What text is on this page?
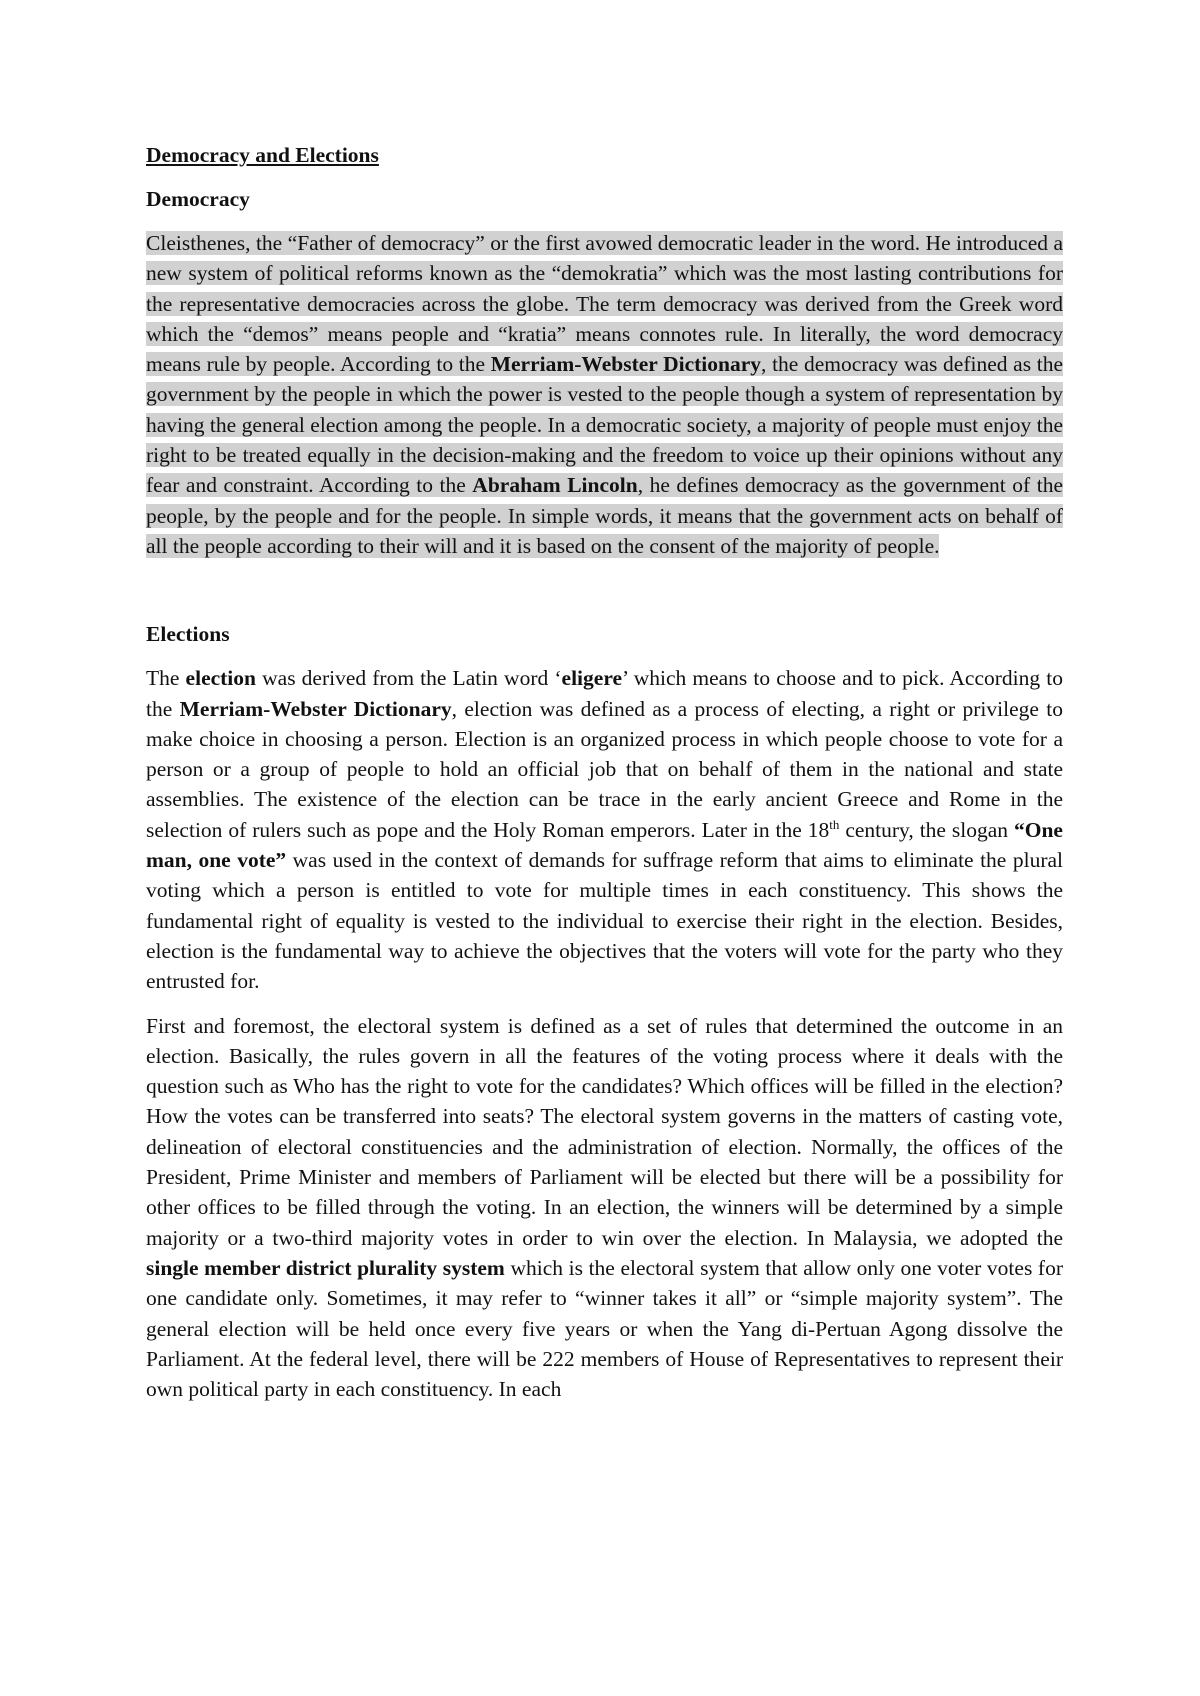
Democracy and Elections
Democracy

Cleisthenes, the “Father of democracy” or the first avowed democratic leader in the word. He introduced a new system of political reforms known as the “demokratia” which was the most lasting contributions for the representative democracies across the globe. The term democracy was derived from the Greek word which the “demos” means people and “kratia” means connotes rule. In literally, the word democracy means rule by people. According to the Merriam-Webster Dictionary, the democracy was defined as the government by the people in which the power is vested to the people though a system of representation by having the general election among the people. In a democratic society, a majority of people must enjoy the right to be treated equally in the decision-making and the freedom to voice up their opinions without any fear and constraint. According to the Abraham Lincoln, he defines democracy as the government of the people, by the people and for the people. In simple words, it means that the government acts on behalf of all the people according to their will and it is based on the consent of the majority of people.

Elections

The election was derived from the Latin word ‘eligere’ which means to choose and to pick. According to the Merriam-Webster Dictionary, election was defined as a process of electing, a right or privilege to make choice in choosing a person. Election is an organized process in which people choose to vote for a person or a group of people to hold an official job that on behalf of them in the national and state assemblies. The existence of the election can be trace in the early ancient Greece and Rome in the selection of rulers such as pope and the Holy Roman emperors. Later in the 18th century, the slogan “One man, one vote” was used in the context of demands for suffrage reform that aims to eliminate the plural voting which a person is entitled to vote for multiple times in each constituency. This shows the fundamental right of equality is vested to the individual to exercise their right in the election. Besides, election is the fundamental way to achieve the objectives that the voters will vote for the party who they entrusted for.

First and foremost, the electoral system is defined as a set of rules that determined the outcome in an election. Basically, the rules govern in all the features of the voting process where it deals with the question such as Who has the right to vote for the candidates? Which offices will be filled in the election? How the votes can be transferred into seats? The electoral system governs in the matters of casting vote, delineation of electoral constituencies and the administration of election. Normally, the offices of the President, Prime Minister and members of Parliament will be elected but there will be a possibility for other offices to be filled through the voting. In an election, the winners will be determined by a simple majority or a two-third majority votes in order to win over the election. In Malaysia, we adopted the single member district plurality system which is the electoral system that allow only one voter votes for one candidate only. Sometimes, it may refer to “winner takes it all” or “simple majority system”. The general election will be held once every five years or when the Yang di-Pertuan Agong dissolve the Parliament. At the federal level, there will be 222 members of House of Representatives to represent their own political party in each constituency. In each
